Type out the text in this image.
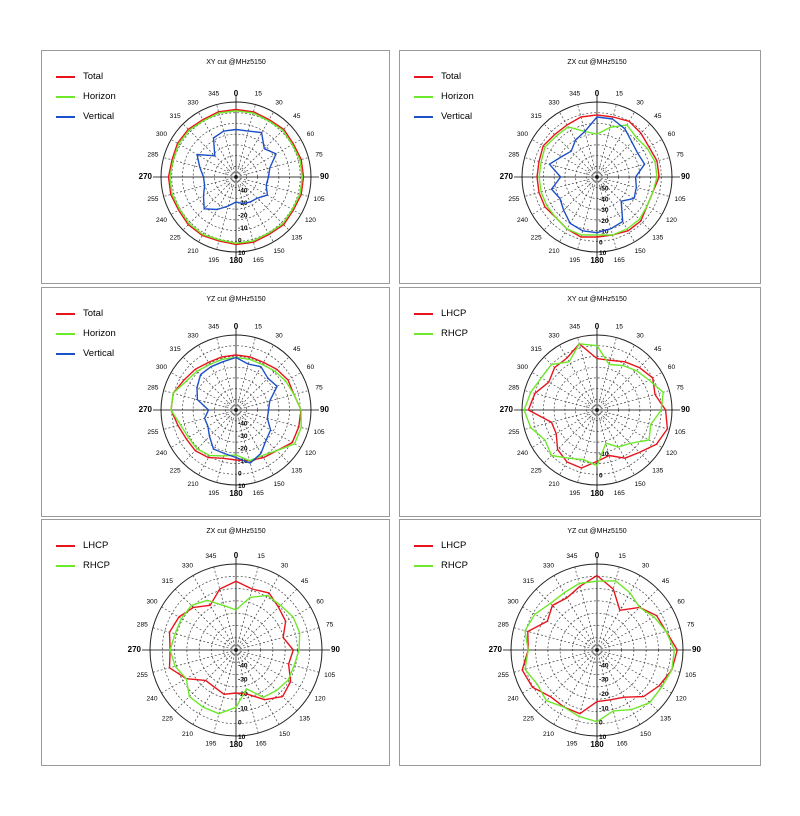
XY cut @MHz5150
0 15
30
45
60
75
90
105
120
135
150
165
180
195
210
225
240
255
270
285
300
315
330
345
-40
-30
-20
-10
0
10
Total
Horizon
Vertical
ZX cut @MHz5150
0 15
30
45
60
75
90
105
120
135
150
165
180
195
210
225
240
255
270
285
300
315
330
345
-50
-40
-30
-20
-10
0
10
Total
Horizon
Vertical
YZ cut @MHz5150
0 15
30
45
60
75
90
105
120
135
150
165
180
195
210
225
240
255
270
285
300
315
330
345
-40
-30
-20
-10
0
10
Total
Horizon
Vertical
XY cut @MHz5150
0 15
30
45
60
75
90
105
120
135
150
165
180
195
210
225
240
255
270
285
300
315
330
345
-10
0
LHCP
RHCP
ZX cut @MHz5150
0	15
30
45
60
75
90
105
120
135
150
165
180
195
210
225
240
255
270
285
300
315
330
345
-40
-30
-20
-10
0
10
LHCP
RHCP
YZ cut @MHz5150
0	15
30
45
60
75
90
105
120
135
150
165
180
195
210
225
240
255
270
285
300
315
330
345
-40
-30
-20
-10
0
10
LHCP
RHCP
